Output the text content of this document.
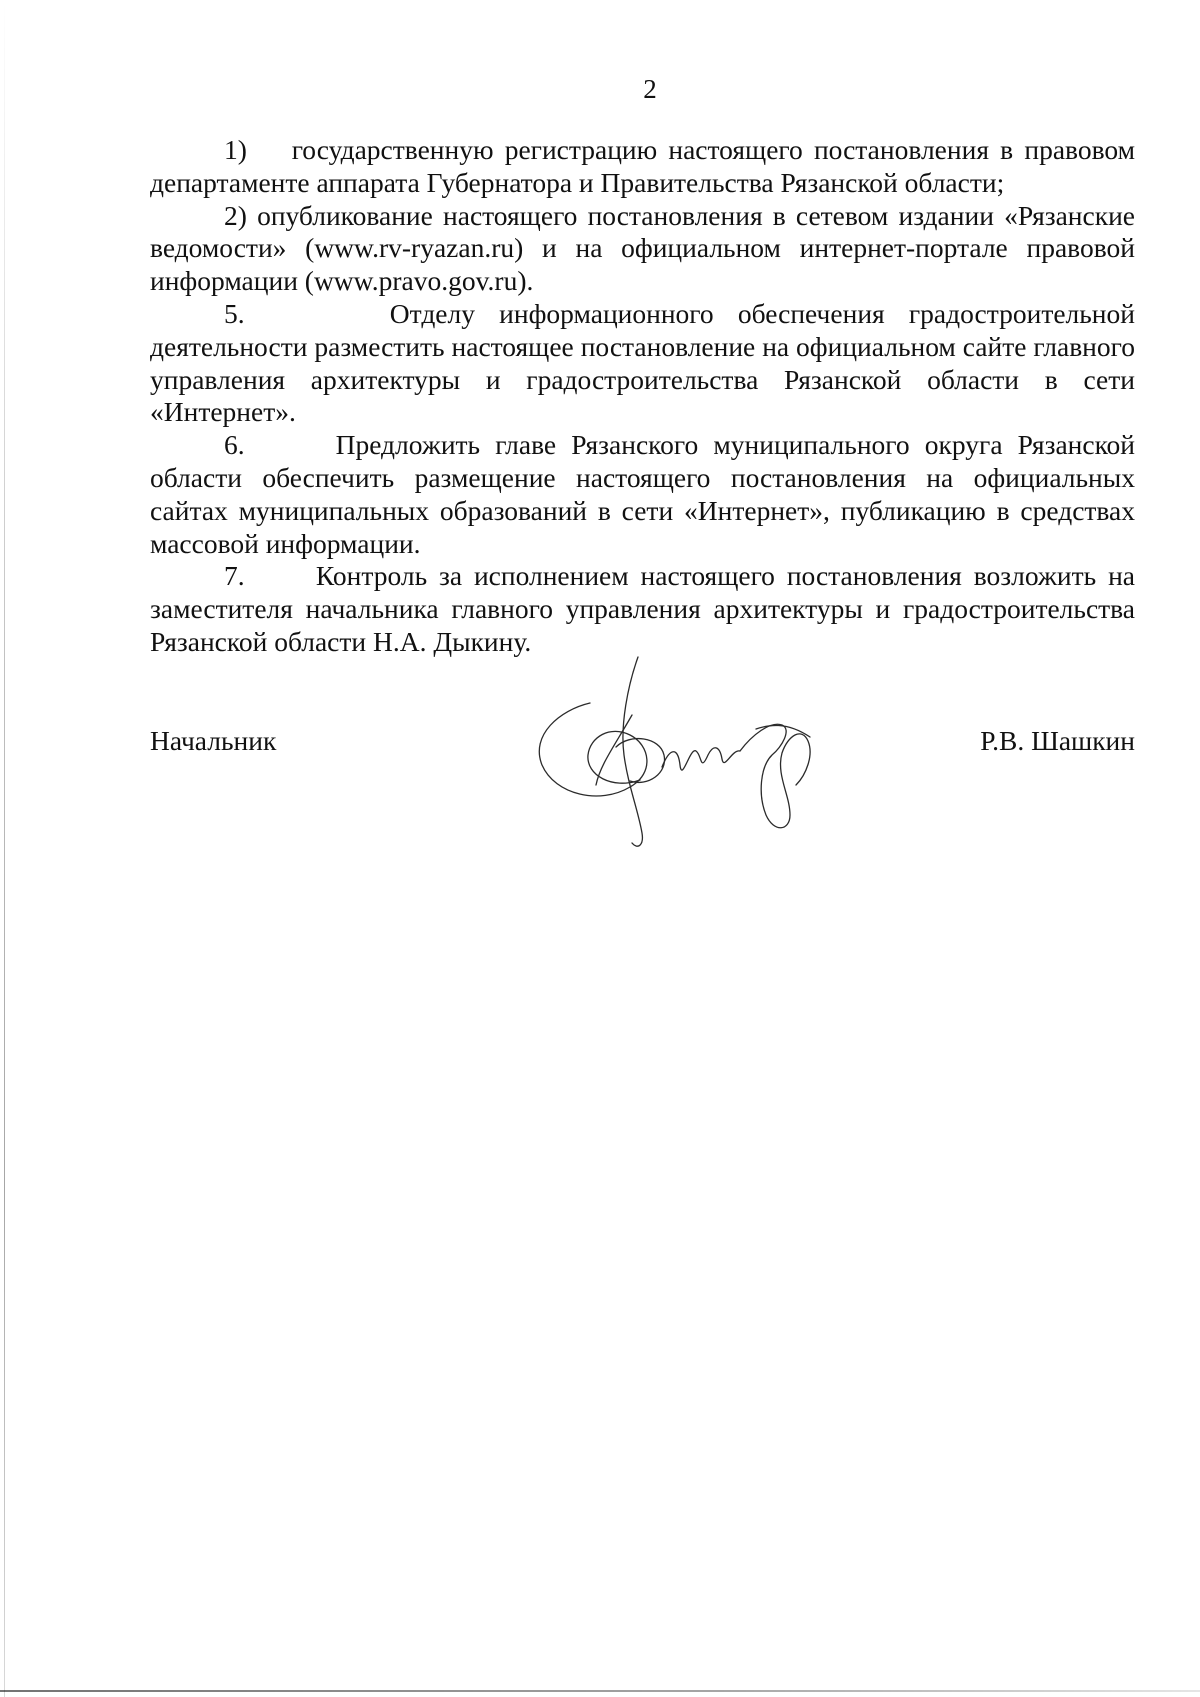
2

1)    государственную регистрацию настоящего постановления в правовом департаменте аппарата Губернатора и Правительства Рязанской области;

2) опубликование настоящего постановления в сетевом издании «Рязанские ведомости» (www.rv-ryazan.ru) и на официальном интернет-портале правовой информации (www.pravo.gov.ru).

5.      Отделу информационного обеспечения градостроительной деятельности разместить настоящее постановление на официальном сайте главного управления архитектуры и градостроительства Рязанской области в сети «Интернет».

6.      Предложить главе Рязанского муниципального округа Рязанской области обеспечить размещение настоящего постановления на официальных сайтах муниципальных образований в сети «Интернет», публикацию в средствах массовой информации.

7.      Контроль за исполнением настоящего постановления возложить на заместителя начальника главного управления архитектуры и градостроительства Рязанской области Н.А. Дыкину.

Начальник	Р.В. Шашкин
